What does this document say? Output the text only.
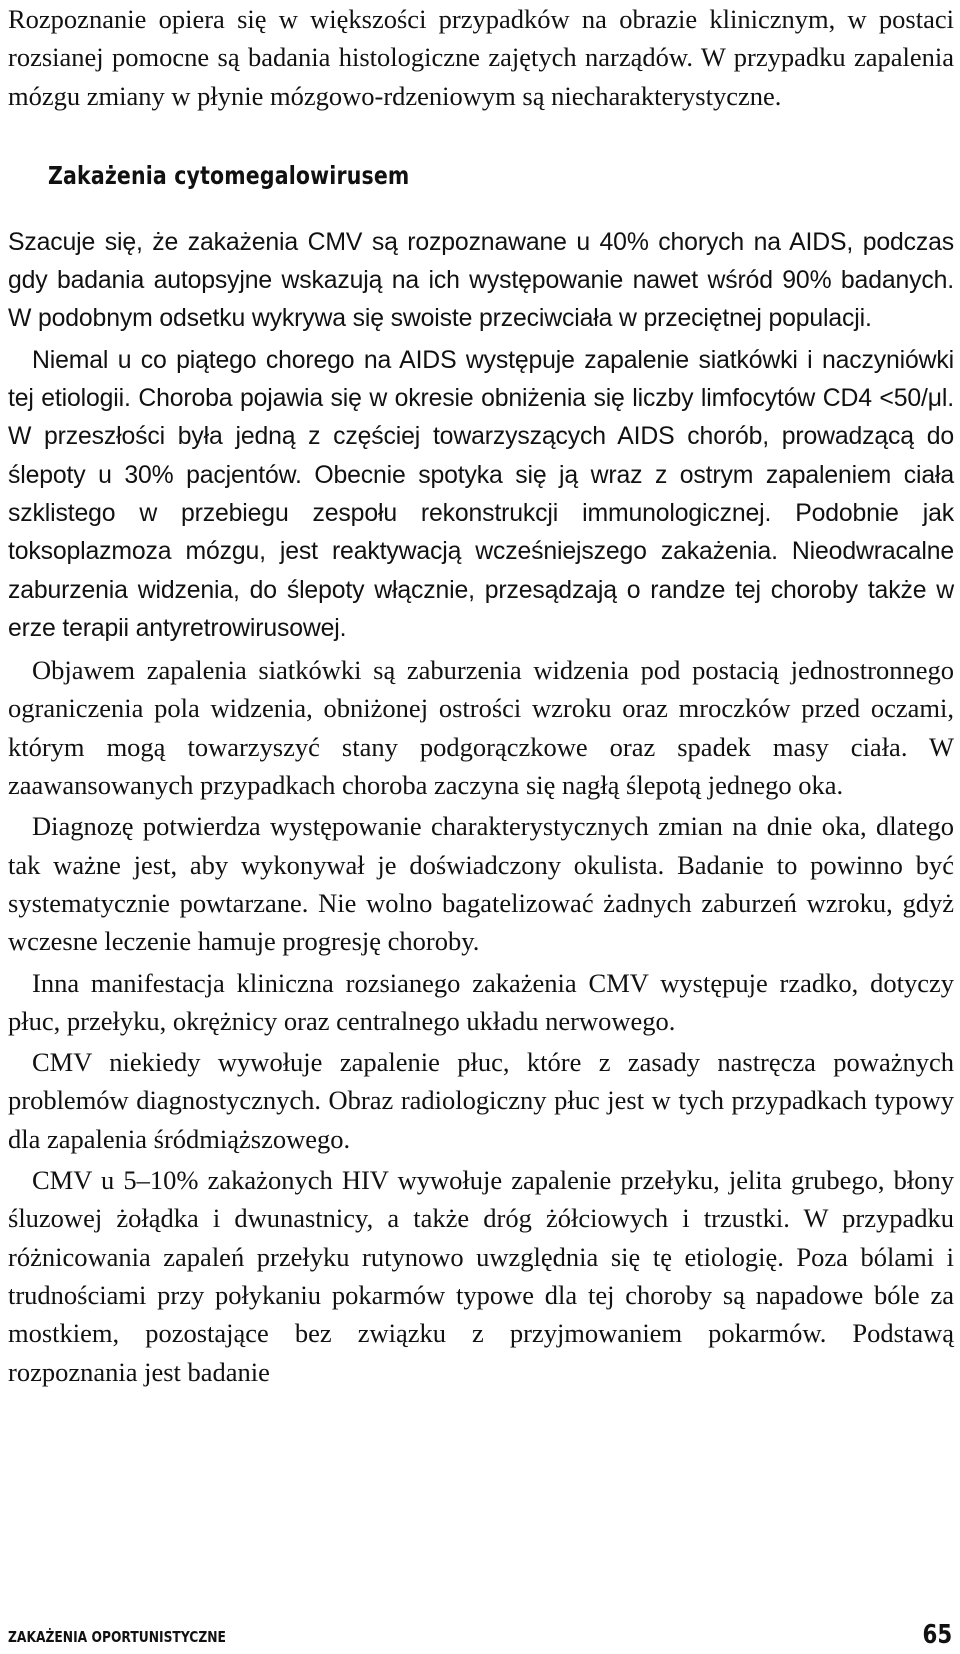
Rozpoznanie opiera się w większości przypadków na obrazie klinicznym, w postaci rozsianej pomocne są badania histologiczne zajętych narządów. W przypadku zapalenia mózgu zmiany w płynie mózgowo-rdzeniowym są niecharakterystyczne.

Zakażenia cytomegalowirusem

Szacuje się, że zakażenia CMV są rozpoznawane u 40% chorych na AIDS, podczas gdy badania autopsyjne wskazują na ich występowanie nawet wśród 90% badanych. W podobnym odsetku wykrywa się swoiste przeciwciała w przeciętnej populacji.

Niemal u co piątego chorego na AIDS występuje zapalenie siatkówki i naczyniówki tej etiologii. Choroba pojawia się w okresie obniżenia się liczby limfocytów CD4 <50/μl. W przeszłości była jedną z częściej towarzyszących AIDS chorób, prowadzącą do ślepoty u 30% pacjentów. Obecnie spotyka się ją wraz z ostrym zapaleniem ciała szklistego w przebiegu zespołu rekonstrukcji immunologicznej. Podobnie jak toksoplazmoza mózgu, jest reaktywacją wcześniejszego zakażenia. Nieodwracalne zaburzenia widzenia, do ślepoty włącznie, przesądzają o randze tej choroby także w erze terapii antyretrowirusowej.

Objawem zapalenia siatkówki są zaburzenia widzenia pod postacią jednostronnego ograniczenia pola widzenia, obniżonej ostrości wzroku oraz mroczków przed oczami, którym mogą towarzyszyć stany podgorączkowe oraz spadek masy ciała. W zaawansowanych przypadkach choroba zaczyna się nagłą ślepotą jednego oka.

Diagnozę potwierdza występowanie charakterystycznych zmian na dnie oka, dlatego tak ważne jest, aby wykonywał je doświadczony okulista. Badanie to powinno być systematycznie powtarzane. Nie wolno bagatelizować żadnych zaburzeń wzroku, gdyż wczesne leczenie hamuje progresję choroby.

Inna manifestacja kliniczna rozsianego zakażenia CMV występuje rzadko, dotyczy płuc, przełyku, okrężnicy oraz centralnego układu nerwowego.

CMV niekiedy wywołuje zapalenie płuc, które z zasady nastręcza poważnych problemów diagnostycznych. Obraz radiologiczny płuc jest w tych przypadkach typowy dla zapalenia śródmiąższowego.

CMV u 5–10% zakażonych HIV wywołuje zapalenie przełyku, jelita grubego, błony śluzowej żołądka i dwunastnicy, a także dróg żółciowych i trzustki. W przypadku różnicowania zapaleń przełyku rutynowo uwzględnia się tę etiologię. Poza bólami i trudnościami przy połykaniu pokarmów typowe dla tej choroby są napadowe bóle za mostkiem, pozostające bez związku z przyjmowaniem pokarmów. Podstawą rozpoznania jest badanie

ZAKAŻENIA OPORTUNISTYCZNE	65
